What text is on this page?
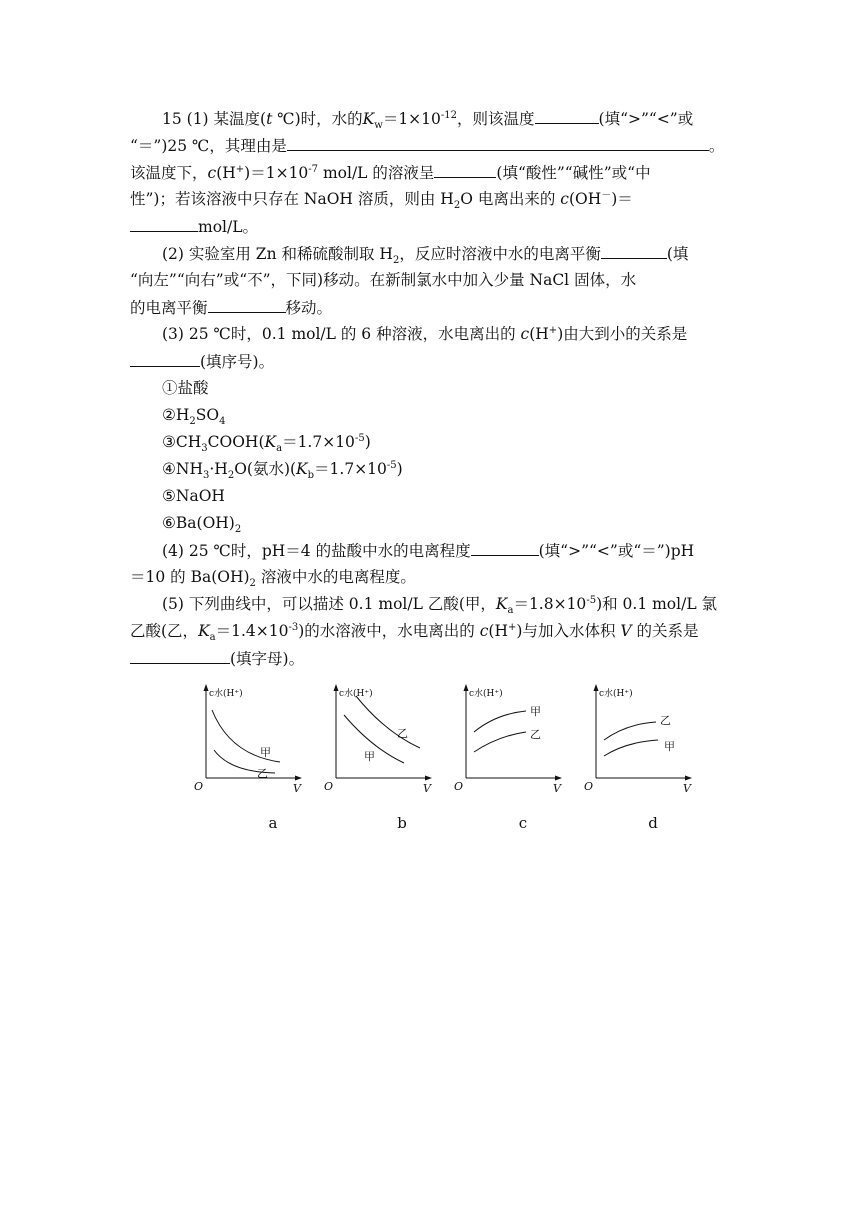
15 (1) 某温度(t ℃)时，水的$K_w=1\times 10^{-12}$，则该温度	(填“>”“<”或
“＝”)25 ℃，其理由是	。
该温度下，$c(H^+)=1\times 10^{-7}$ mol/L 的溶液呈	(填“酸性”“碱性”或“中
性”)；若该溶液中只存在 NaOH 溶质，则由 $H_2O$ 电离出来的 c(OH－)＝
mol/L。
(2) 实验室用 Zn 和稀硫酸制取 $H_2$，反应时溶液中水的电离平衡	(填
“向左”“向右”或“不”，下同)移动。在新制氯水中加入少量 NaCl 固体，水
的电离平衡	移动。
(3) 25 ℃时，0.1 mol/L 的 6 种溶液，水电离出的 c(H+)由大到小的关系是
(填序号)。
①盐酸
$②H_2SO_4$
$③CH_3COOH(K_a=1.7\times 10^{-5})$
$④NH_3\cdot H_2O$(氨水)$(K_b=1.7\times 10^{-5})$
⑤NaOH
$⑥Ba(OH)_2$
(4) 25 ℃时，pH＝4 的盐酸中水的电离程度	(填“>”“<”或“＝”)pH
＝10 的 $Ba(OH)_2$ 溶液中水的电离程度。
(5) 下列曲线中，可以描述 0.1 mol/L 乙酸(甲，$K_a=1.8\times 10^{-5}$)和 0.1 mol/L 氯
乙酸(乙，$K_a=1.4\times 10^{-3}$)的水溶液中，水电离出的 c(H+)与加入水体积 V 的关系是
(填字母)。
c水(H⁺)
V
O
甲
乙
c水(H⁺)
V
O
乙
甲
c水(H⁺)
V
O
甲
乙
c水(H⁺)
V
O
乙
甲
a	b	c	d
